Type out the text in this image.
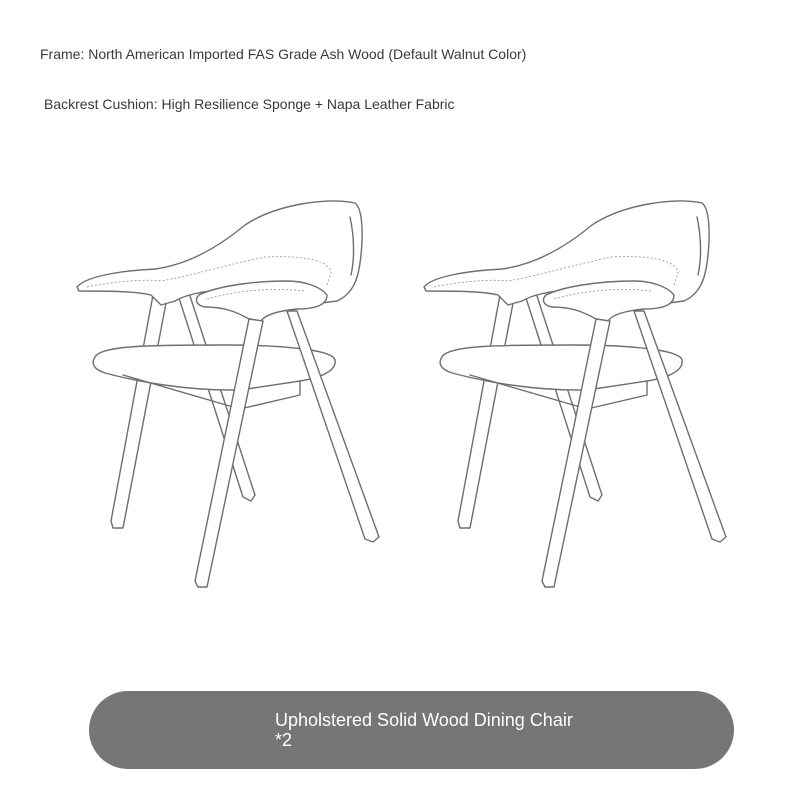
Frame: North American Imported FAS Grade Ash Wood (Default Walnut Color)
Backrest Cushion: High Resilience Sponge + Napa Leather Fabric
Upholstered Solid Wood Dining Chair *2
